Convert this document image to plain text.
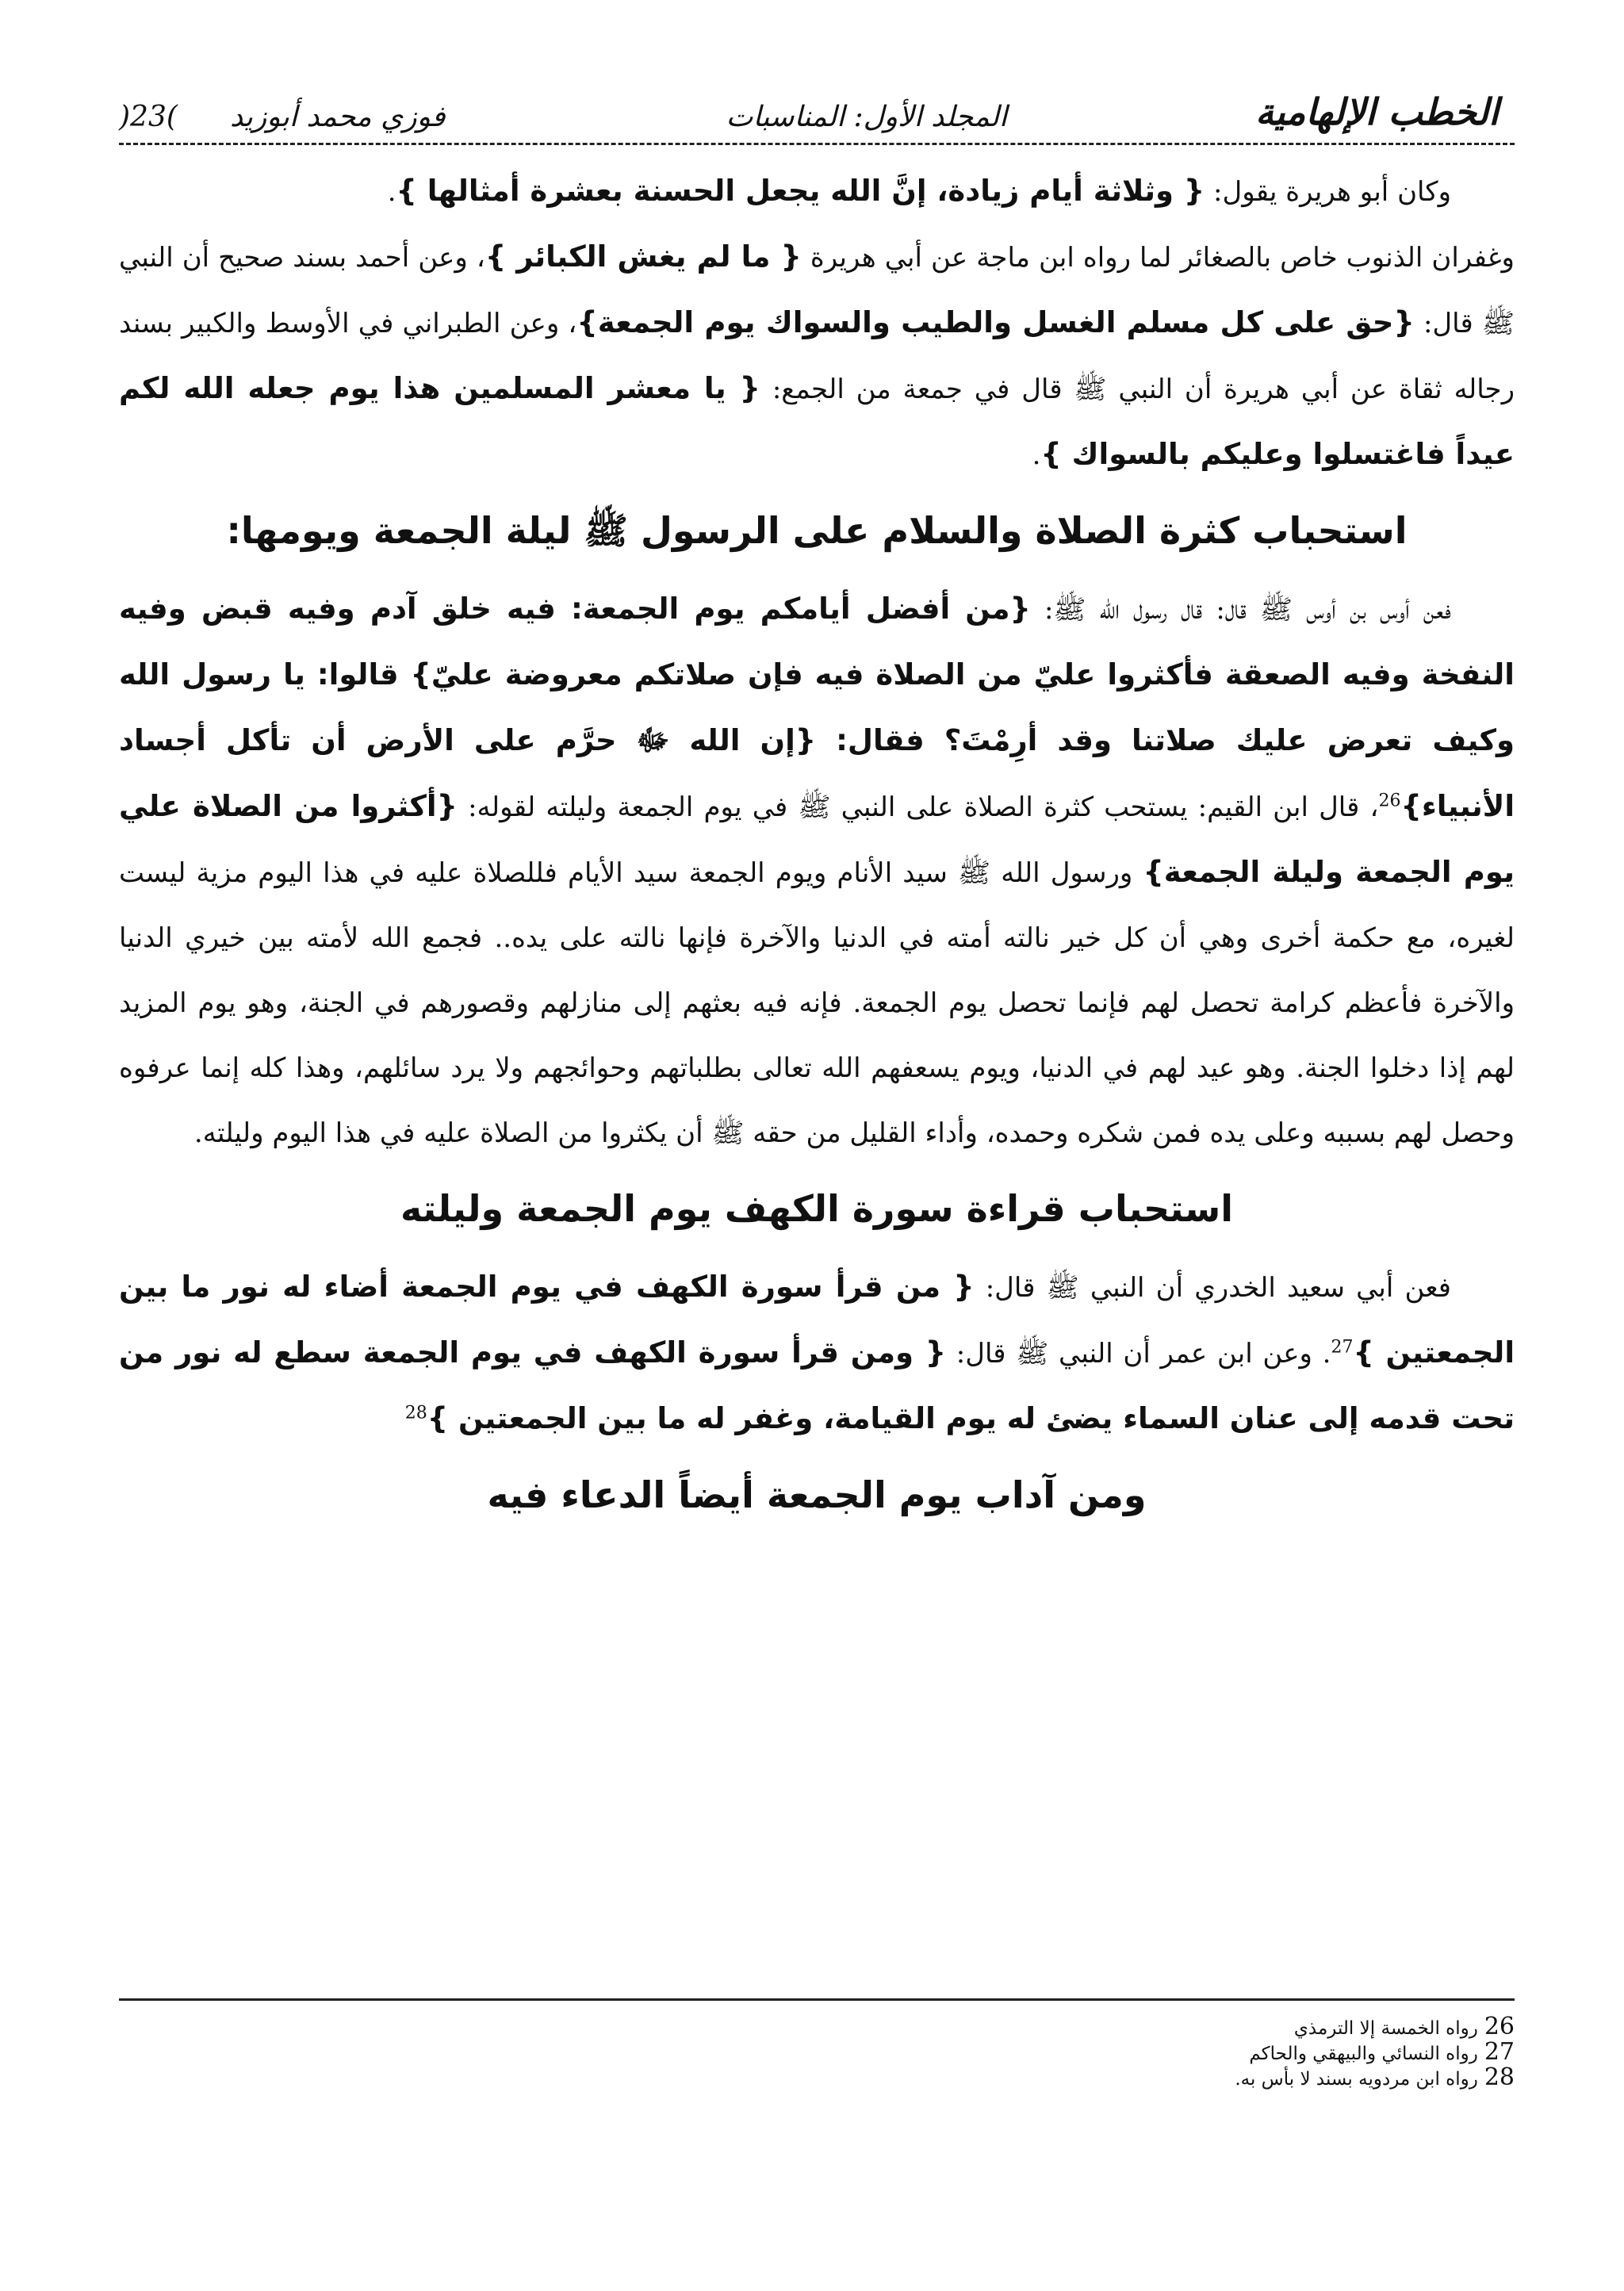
الخطب الإلهامية
المجلد الأول: المناسبات
فوزي محمد أبوزيد
)23(

وكان أبو هريرة يقول: { وثلاثة أيام زيادة، إنَّ الله يجعل الحسنة بعشرة أمثالها }.

وغفران الذنوب خاص بالصغائر لما رواه ابن ماجة عن أبي هريرة { ما لم يغش الكبائر }، وعن أحمد بسند صحيح أن النبي ﷺ قال: {حق على كل مسلم الغسل والطيب والسواك يوم الجمعة}، وعن الطبراني في الأوسط والكبير بسند رجاله ثقاة عن أبي هريرة أن النبي ﷺ قال في جمعة من الجمع: { يا معشر المسلمين هذا يوم جعله الله لكم عيداً فاغتسلوا وعليكم بالسواك }.

استحباب كثرة الصلاة والسلام على الرسول ﷺ ليلة الجمعة ويومها:

فعن أوس بن أوس ﷺ قال: قال رسول الله ﷺ: {من أفضل أيامكم يوم الجمعة: فيه خلق آدم وفيه قبض وفيه النفخة وفيه الصعقة فأكثروا عليّ من الصلاة فيه فإن صلاتكم معروضة عليّ} قالوا: يا رسول الله وكيف تعرض عليك صلاتنا وقد أرِمْتَ؟ فقال: {إن الله ﷻ حرَّم على الأرض أن تأكل أجساد الأنبياء}$^{26}$، قال ابن القيم: يستحب كثرة الصلاة على النبي ﷺ في يوم الجمعة وليلته لقوله: {أكثروا من الصلاة علي يوم الجمعة وليلة الجمعة} ورسول الله ﷺ سيد الأنام ويوم الجمعة سيد الأيام فللصلاة عليه في هذا اليوم مزية ليست لغيره، مع حكمة أخرى وهي أن كل خير نالته أمته في الدنيا والآخرة فإنها نالته على يده.. فجمع الله لأمته بين خيري الدنيا والآخرة فأعظم كرامة تحصل لهم فإنما تحصل يوم الجمعة. فإنه فيه بعثهم إلى منازلهم وقصورهم في الجنة، وهو يوم المزيد لهم إذا دخلوا الجنة. وهو عيد لهم في الدنيا، ويوم يسعفهم الله تعالى بطلباتهم وحوائجهم ولا يرد سائلهم، وهذا كله إنما عرفوه وحصل لهم بسببه وعلى يده فمن شكره وحمده، وأداء القليل من حقه ﷺ أن يكثروا من الصلاة عليه في هذا اليوم وليلته.

استحباب قراءة سورة الكهف يوم الجمعة وليلته

فعن أبي سعيد الخدري أن النبي ﷺ قال: { من قرأ سورة الكهف في يوم الجمعة أضاء له نور ما بين الجمعتين }$^{27}$. وعن ابن عمر أن النبي ﷺ قال: { ومن قرأ سورة الكهف في يوم الجمعة سطع له نور من تحت قدمه إلى عنان السماء يضئ له يوم القيامة، وغفر له ما بين الجمعتين }$^{28}$

ومن آداب يوم الجمعة أيضاً الدعاء فيه
26رواه الخمسة إلا الترمذي
27رواه النسائي والبيهقي والحاكم
28رواه ابن مردويه بسند لا بأس به.
